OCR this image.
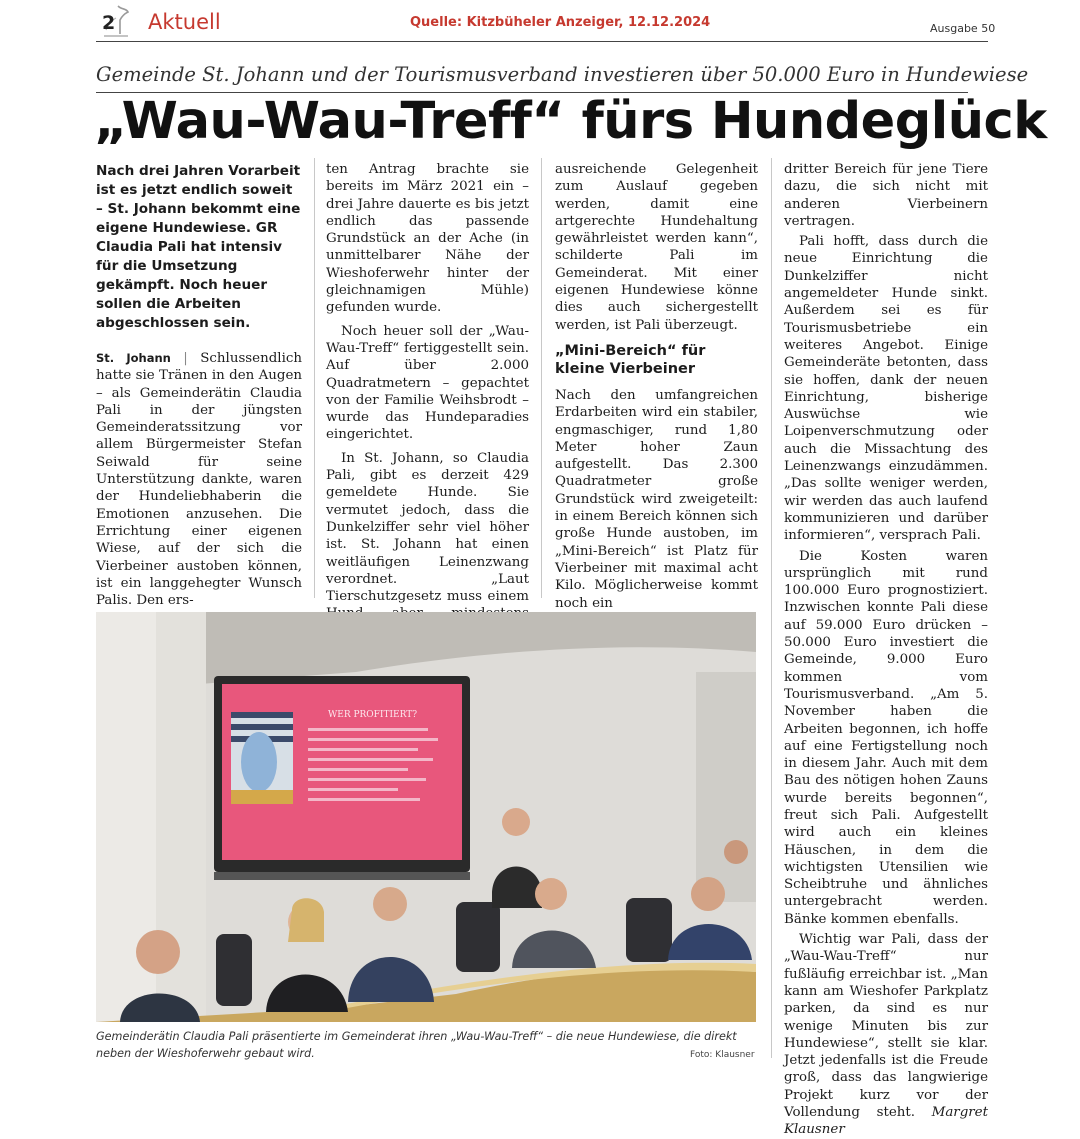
2 Aktuell	Quelle: Kitzbüheler Anzeiger, 12.12.2024	Ausgabe 50
Gemeinde St. Johann und der Tourismusverband investieren über 50.000 Euro in Hundewiese
„Wau-Wau-Treff“ fürs Hundeglück
Nach drei Jahren Vorarbeit ist es jetzt endlich soweit – St. Johann bekommt eine eigene Hundewiese. GR Claudia Pali hat intensiv für die Umsetzung gekämpft. Noch heuer sollen die Arbeiten abgeschlossen sein.

St. Johann | Schlussendlich hatte sie Tränen in den Augen – als Gemeinderätin Claudia Pali in der jüngsten Gemeinderatssitzung vor allem Bürgermeister Stefan Seiwald für seine Unterstützung dankte, waren der Hundeliebhaberin die Emotionen anzusehen. Die Errichtung einer eigenen Wiese, auf der sich die Vierbeiner austoben können, ist ein langgehegter Wunsch Palis. Den ers-

ten Antrag brachte sie bereits im März 2021 ein – drei Jahre dauerte es bis jetzt endlich das passende Grundstück an der Ache (in unmittelbarer Nähe der Wieshoferwehr hinter der gleichnamigen Mühle) gefunden wurde.

Noch heuer soll der „Wau-Wau-Treff“ fertiggestellt sein. Auf über 2.000 Quadratmetern – gepachtet von der Familie Weihsbrodt – wurde das Hundeparadies eingerichtet.

In St. Johann, so Claudia Pali, gibt es derzeit 429 gemeldete Hunde. Sie vermutet jedoch, dass die Dunkelziffer sehr viel höher ist. St. Johann hat einen weitläufigen Leinenzwang verordnet. „Laut Tierschutzgesetz muss einem

ausreichende Gelegenheit zum Auslauf gegeben werden, damit eine artgerechte Hundehaltung gewährleistet werden kann“, schilderte Pali im Gemeinderat. Mit einer eigenen Hundewiese könne dies auch sichergestellt werden, ist Pali überzeugt.

„Mini-Bereich“ für kleine Vierbeiner

Nach den umfangreichen Erdarbeiten wird ein stabiler, engmaschiger, rund 1,80 Meter hoher Zaun aufgestellt. Das 2.300 Quadratmeter große Grundstück wird zweigeteilt: in einem Bereich können sich große Hunde austoben, im „Mini-Bereich“ ist Platz für Vierbeiner mit maximal acht Kilo. Möglicherweise kommt noch ein

dritter Bereich für jene Tiere dazu, die sich nicht mit anderen Vierbeinern vertragen.

Pali hofft, dass durch die neue Einrichtung die Dunkelziffer nicht angemeldeter Hunde sinkt. Außerdem sei es für Tourismusbetriebe ein weiteres Angebot. Einige Gemeinderäte betonten, dass sie hoffen, dank der neuen Einrichtung, bisherige Auswüchse wie Loipenverschmutzung oder auch die Missachtung des Leinenzwangs einzudämmen. „Das sollte weniger werden, wir werden das auch laufend kommunizieren und darüber informieren“, versprach Pali.

Die Kosten waren ursprünglich mit rund 100.000 Euro prognostiziert. Inzwischen konnte Pali diese auf 59.000 Euro drücken – 50.000 Euro investiert die Gemeinde, 9.000 Euro kommen vom Tourismusverband. „Am 5. November haben die Arbeiten begonnen, ich hoffe auf eine Fertigstellung noch in diesem Jahr. Auch mit dem Bau des nötigen hohen Zauns wurde bereits begonnen“, freut sich Pali. Aufgestellt wird auch ein kleines Häuschen, in dem die wichtigsten Utensilien wie Scheibtruhe und ähnliches untergebracht werden. Bänke kommen ebenfalls.

Wichtig war Pali, dass der „Wau-Wau-Treff“ nur fußläufig erreichbar ist. „Man kann am Wieshofer Parkplatz parken, da sind es nur wenige Minuten bis zur Hundewiese“, stellt sie klar. Jetzt jedenfalls ist die Freude groß, dass das langwierige Projekt kurz vor der Vollendung steht. Margret Klausner

WER PROFITIERT?
Gemeinderätin Claudia Pali präsentierte im Gemeinderat ihren „Wau-Wau-Treff“ – die neue Hundewiese, die direkt neben der Wieshoferwehr gebaut wird.	Foto: Klausner
